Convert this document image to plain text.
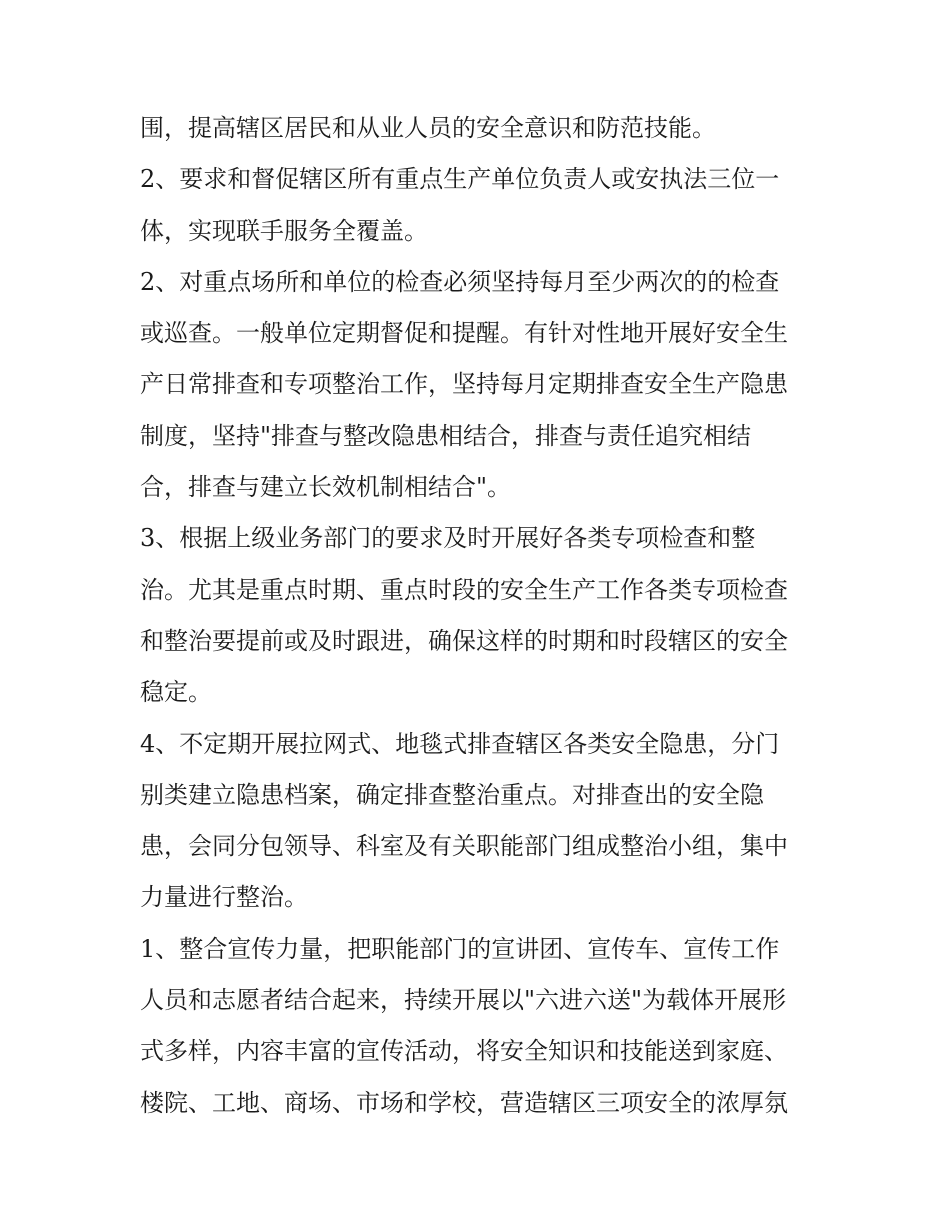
围，提高辖区居民和从业人员的安全意识和防范技能。
2、要求和督促辖区所有重点生产单位负责人或安执法三位一
体，实现联手服务全覆盖。
2、对重点场所和单位的检查必须坚持每月至少两次的的检查
或巡查。一般单位定期督促和提醒。有针对性地开展好安全生
产日常排查和专项整治工作，坚持每月定期排查安全生产隐患
制度，坚持"排查与整改隐患相结合，排查与责任追究相结
合，排查与建立长效机制相结合"。
3、根据上级业务部门的要求及时开展好各类专项检查和整
治。尤其是重点时期、重点时段的安全生产工作各类专项检查
和整治要提前或及时跟进，确保这样的时期和时段辖区的安全
稳定。
4、不定期开展拉网式、地毯式排查辖区各类安全隐患，分门
别类建立隐患档案，确定排查整治重点。对排查出的安全隐
患，会同分包领导、科室及有关职能部门组成整治小组，集中
力量进行整治。
1、整合宣传力量，把职能部门的宣讲团、宣传车、宣传工作
人员和志愿者结合起来，持续开展以"六进六送"为载体开展形
式多样，内容丰富的宣传活动，将安全知识和技能送到家庭、
楼院、工地、商场、市场和学校，营造辖区三项安全的浓厚氛
